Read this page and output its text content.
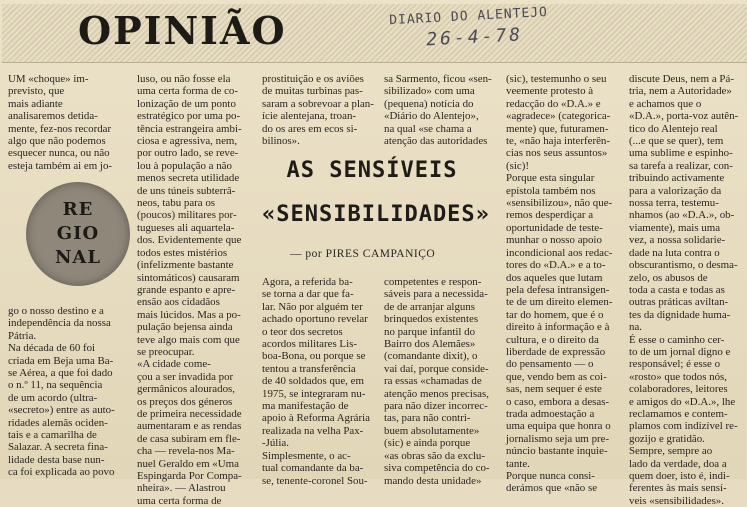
OPINIÃO	DIARIO DO ALENTEJO
26-4-78
UM «choque» im-
previsto, que
mais adiante
analisaremos detida-
mente, fez-nos recordar
algo que não podemos
esquecer nunca, ou não
esteja também ai em jo-
RE
GIO
NAL
go o nosso destino e a
independência da nossa
Pátria.
Na década de 60 foi
criada em Beja uma Ba-
se Aérea, a que foi dado
o n.º 11, na sequência
de um acordo (ultra-
«secreto») entre as auto-
ridades alemãs ociden-
tais e a camarilha de
Salazar. A secreta fina-
lidade desta base nun-
ca foi explicada ao povo
luso, ou não fosse ela
uma certa forma de co-
lonização de um ponto
estratégico por uma po-
tência estrangeira ambi-
ciosa e agressiva, nem,
por outro lado, se reve-
lou à população a não
menos secreta utilidade
de uns túneis subterrâ-
neos, tabu para os
(poucos) militares por-
tugueses ali aquartela-
dos. Evidentemente que
todos estes mistérios
(infelizmente bastante
sintomáticos) causaram
grande espanto e apre-
ensão aos cidadãos
mais lúcidos. Mas a po-
pulação bejensa ainda
teve algo mais com que
se preocupar.
«A cidade come-
çou a ser invadida por
germânicos alourados,
os preços dos géneros
de primeira necessidade
aumentaram e as rendas
de casa subiram em fle-
cha — revela-nos Ma-
nuel Geraldo em «Uma
Espingarda Por Compa-
nheira». — Alastrou
uma certa forma de
prostituição e os aviões
de muitas turbinas pas-
saram a sobrevoar a plan-
ície alentejana, troan-
do os ares em ecos si-
bilinos».
sa Sarmento, ficou «sen-
sibilizado» com uma
(pequena) notícia do
«Diário do Alentejo»,
na qual «se chama a
atenção das autoridades
AS SENSÍVEIS
«SENSIBILIDADES»
— por PIRES CAMPANIÇO
Agora, a referida ba-
se torna a dar que fa-
lar. Não por alguém ter
achado oportuno revelar
o teor dos secretos
acordos militares Lis-
boa-Bona, ou porque se
tentou a transferência
de 40 soldados que, em
1975, se integraram nu-
ma manifestação de
apoio à Reforma Agrária
realizada na velha Pax-
-Júlia.
Simplesmente, o ac-
tual comandante da ba-
se, tenente-coronel Sou-
competentes e respon-
sáveis para a necessida-
de de arranjar alguns
brinquedos existentes
no parque infantil do
Bairro dos Alemães»
(comandante dixit), o
vai daí, porque conside-
ra essas «chamadas de
atenção menos precisas,
para não dizer incorrec-
tas, para não contri-
buem absolutamente»
(sic) e ainda porque
«as obras são da exclu-
siva competência do co-
mando desta unidade»
(sic), testemunho o seu
veemente protesto à
redacção do «D.A.» e
«agradece» (categorica-
mente) que, futuramen-
te, «não haja interferên-
cias nos seus assuntos»
(sic)!
Porque esta singular
epístola também nos
«sensibilizou», não que-
remos desperdiçar a
oportunidade de teste-
munhar o nosso apoio
incondicional aos redac-
tores do «D.A.» e a to-
dos aqueles que lutam
pela defesa intransigen-
te de um direito elemen-
tar do homem, que é o
direito à informação e à
cultura, e o direito da
liberdade de expressão
do pensamento — o
que, vendo bem as coi-
sas, nem sequer é este
o caso, embora a desas-
trada admoestação a
uma equipa que honra o
jornalismo seja um pre-
núncio bastante inquie-
tante.
Porque nunca consi-
derámos que «não se
discute Deus, nem a Pá-
tria, nem a Autoridade»
e achamos que o
«D.A.», porta-voz autên-
tico do Alentejo real
(...e que se quer), tem
uma sublime e espinho-
sa tarefa a realizar, con-
tribuindo activamente
para a valorização da
nossa terra, testemu-
nhamos (ao «D.A.», ob-
viamente), mais uma
vez, a nossa solidarie-
dade na luta contra o
obscurantismo, o desma-
zelo, os abusos de
toda a casta e todas as
outras práticas aviltan-
tes da dignidade huma-
na.
É esse o caminho cer-
to de um jornal digno e
responsável; é esse o
«rosto» que todos nós,
colaboradores, leitores
e amigos do «D.A.», lhe
reclamamos e contem-
plamos com indizível re-
gozijo e gratidão.
Sempre, sempre ao
lado da verdade, doa a
quem doer, isto é, indi-
ferentes às mais sensí-
veis «sensibilidades».
